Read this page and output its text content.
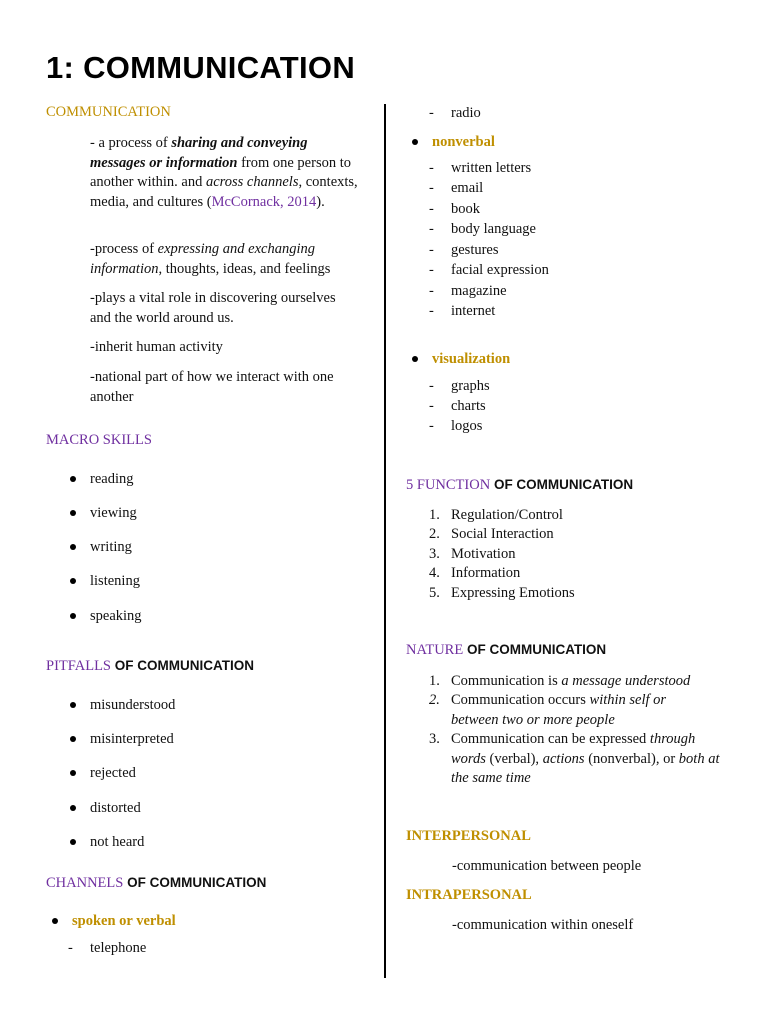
1: COMMUNICATION
COMMUNICATION
- a process of sharing and conveying messages or information from one person to another within. and across channels, contexts, media, and cultures (McCornack, 2014).
-process of expressing and exchanging information, thoughts, ideas, and feelings
-plays a vital role in discovering ourselves and the world around us.
-inherit human activity
-national part of how we interact with one another
MACRO SKILLS
reading
viewing
writing
listening
speaking
PITFALLS OF COMMUNICATION
misunderstood
misinterpreted
rejected
distorted
not heard
CHANNELS OF COMMUNICATION
spoken or verbal
- telephone
- radio
nonverbal
- written letters
- email
- book
- body language
- gestures
- facial expression
- magazine
- internet
visualization
- graphs
- charts
- logos
5 FUNCTION OF COMMUNICATION
1. Regulation/Control
2. Social Interaction
3. Motivation
4. Information
5. Expressing Emotions
NATURE OF COMMUNICATION
1. Communication is a message understood
2. Communication occurs within self or between two or more people
3. Communication can be expressed through words (verbal), actions (nonverbal), or both at the same time
INTERPERSONAL
-communication between people
INTRAPERSONAL
-communication within oneself
